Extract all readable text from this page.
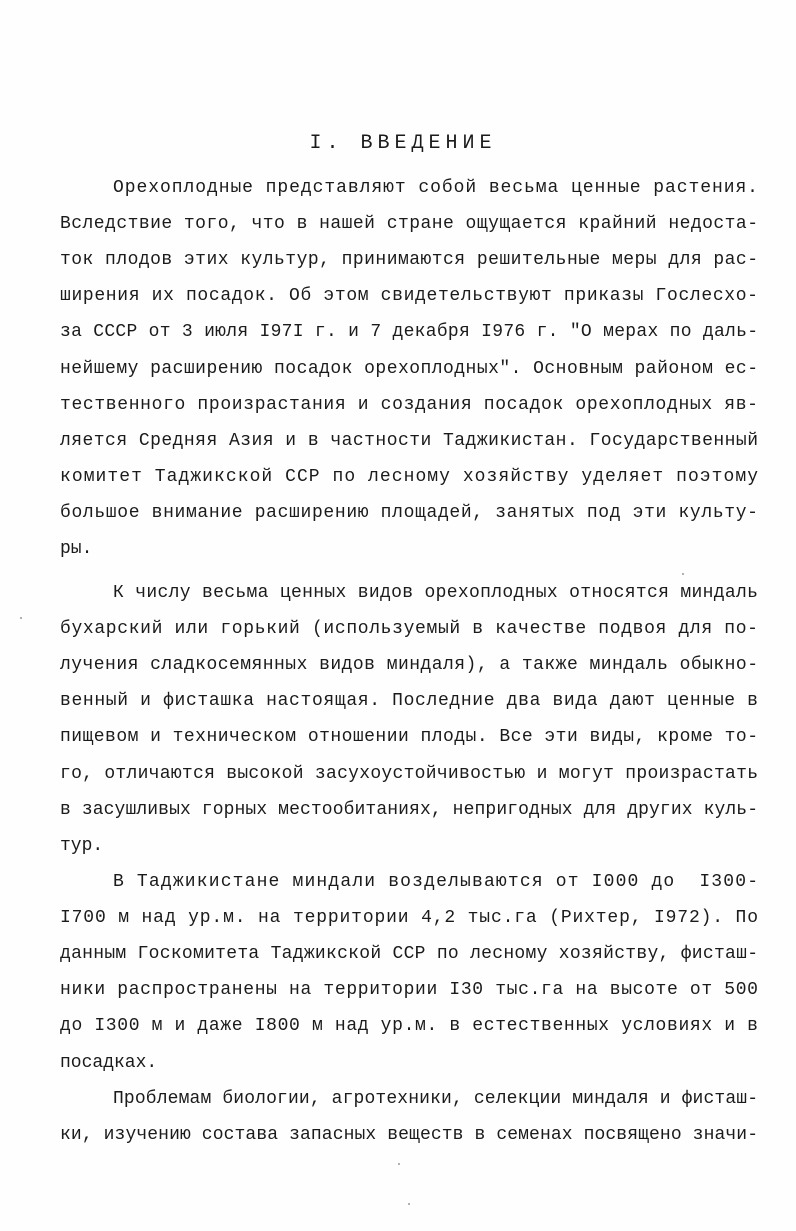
I. ВВЕДЕНИЕ
Орехоплодные представляют собой весьма ценные растения.
Вследствие того, что в нашей стране ощущается крайний недоста-
ток плодов этих культур, принимаются решительные меры для рас-
ширения их посадок. Об этом свидетельствуют приказы Гослесхо-
за СССР от 3 июля I97I г. и 7 декабря I976 г. "О мерах по даль-
нейшему расширению посадок орехоплодных". Основным районом ес-
тественного произрастания и создания посадок орехоплодных яв-
ляется Средняя Азия и в частности Таджикистан. Государственный
комитет Таджикской ССР по лесному хозяйству уделяет поэтому
большое внимание расширению площадей, занятых под эти культу-
ры.
К числу весьма ценных видов орехоплодных относятся миндаль
бухарский или горький (используемый в качестве подвоя для по-
лучения сладкосемянных видов миндаля), а также миндаль обыкно-
венный и фисташка настоящая. Последние два вида дают ценные в
пищевом и техническом отношении плоды. Все эти виды, кроме то-
го, отличаются высокой засухоустойчивостью и могут произрастать
в засушливых горных местообитаниях, непригодных для других куль-
тур.
В Таджикистане миндали возделываются от I000 до  I300-
I700 м над ур.м. на территории 4,2 тыс.га (Рихтер, I972). По
данным Госкомитета Таджикской ССР по лесному хозяйству, фисташ-
ники распространены на территории I30 тыс.га на высоте от 500
до I300 м и даже I800 м над ур.м. в естественных условиях и в
посадках.
Проблемам биологии, агротехники, селекции миндаля и фисташ-
ки, изучению состава запасных веществ в семенах посвящено значи-
